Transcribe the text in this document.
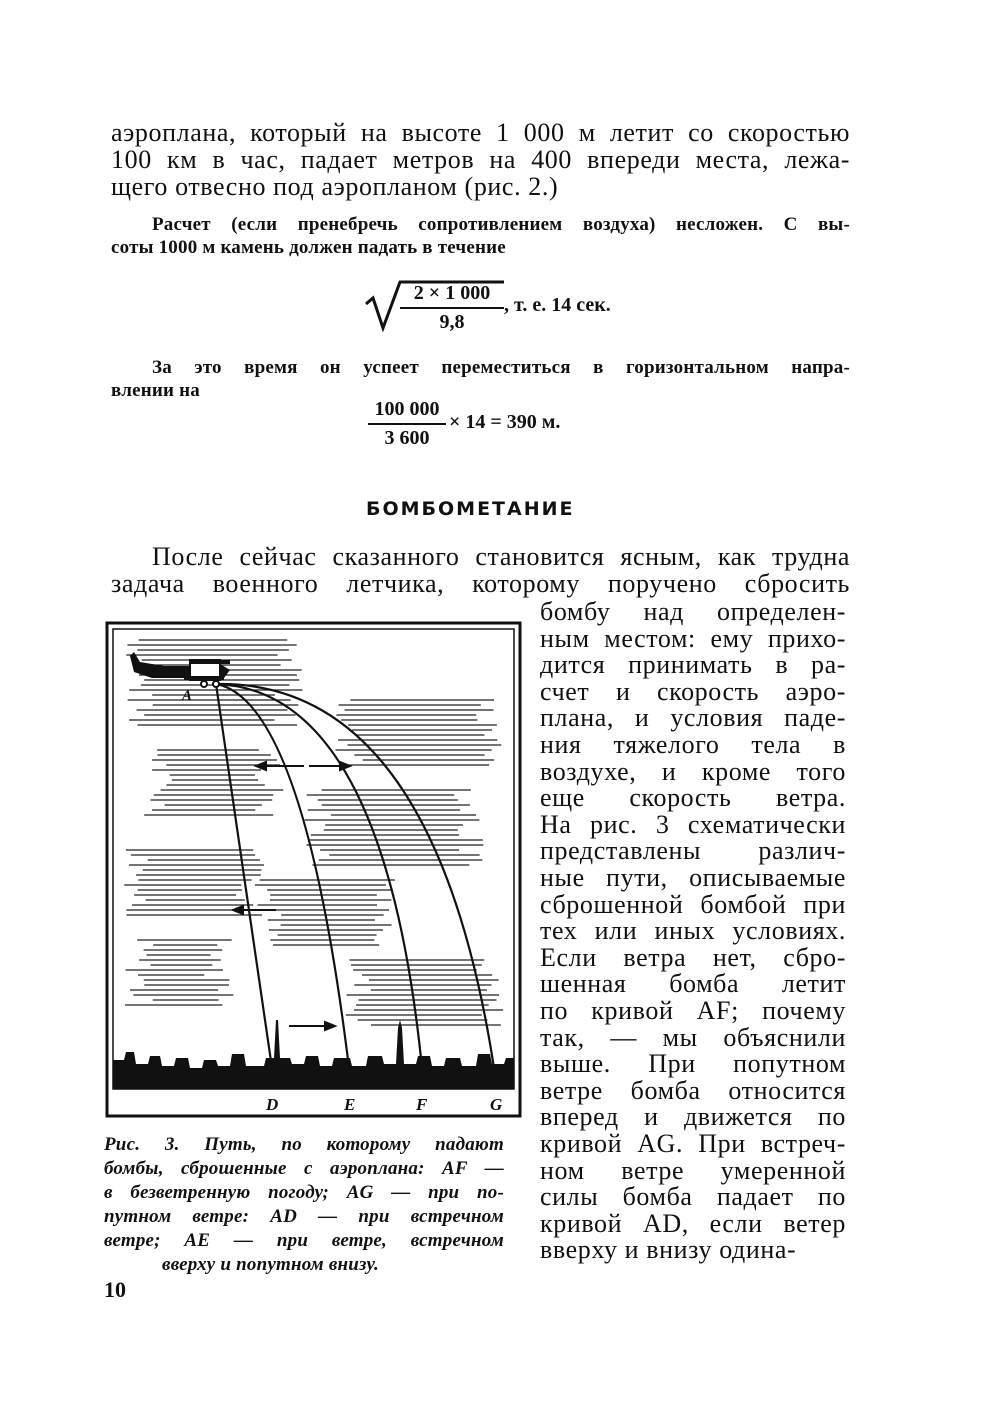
аэроплана, который на высоте 1 000 м летит со скоростью
100 км в час, падает метров на 400 впереди места, лежа-
щего отвесно под аэропланом (рис. 2.)
Расчет (если пренебречь сопротивлением воздуха) несложен. С вы-
соты 1000 м камень должен падать в течение
2 × 1 000
9,8
, т. е. 14 сек.
За это время он успеет переместиться в горизонтальном напра-
влении на
100 000
3 600
× 14 = 390 м.
БОМБОМЕТАНИЕ
После сейчас сказанного становится ясным, как трудна
задача военного летчика, которому поручено сбросить
бомбу над определен-
ным местом: ему прихо-
дится принимать в ра-
счет и скорость аэро-
плана, и условия паде-
ния тяжелого тела в
воздухе, и кроме того
еще скорость ветра.
На рис. 3 схематически
представлены различ-
ные пути, описываемые
сброшенной бомбой при
тех или иных условиях.
Если ветра нет, сбро-
шенная бомба летит
по кривой AF; почему
так, — мы объяснили
выше. При попутном
ветре бомба относится
вперед и движется по
кривой AG. При встреч-
ном ветре умеренной
силы бомба падает по
кривой AD, если ветер
вверху и внизу одина-
A
D	E	F	G
Рис. 3. Путь, по которому падают
бомбы, сброшенные с аэроплана: AF —
в безветренную погоду; AG — при по-
путном ветре: AD — при встречном
ветре; AE — при ветре, встречном
вверху и попутном внизу.
10
